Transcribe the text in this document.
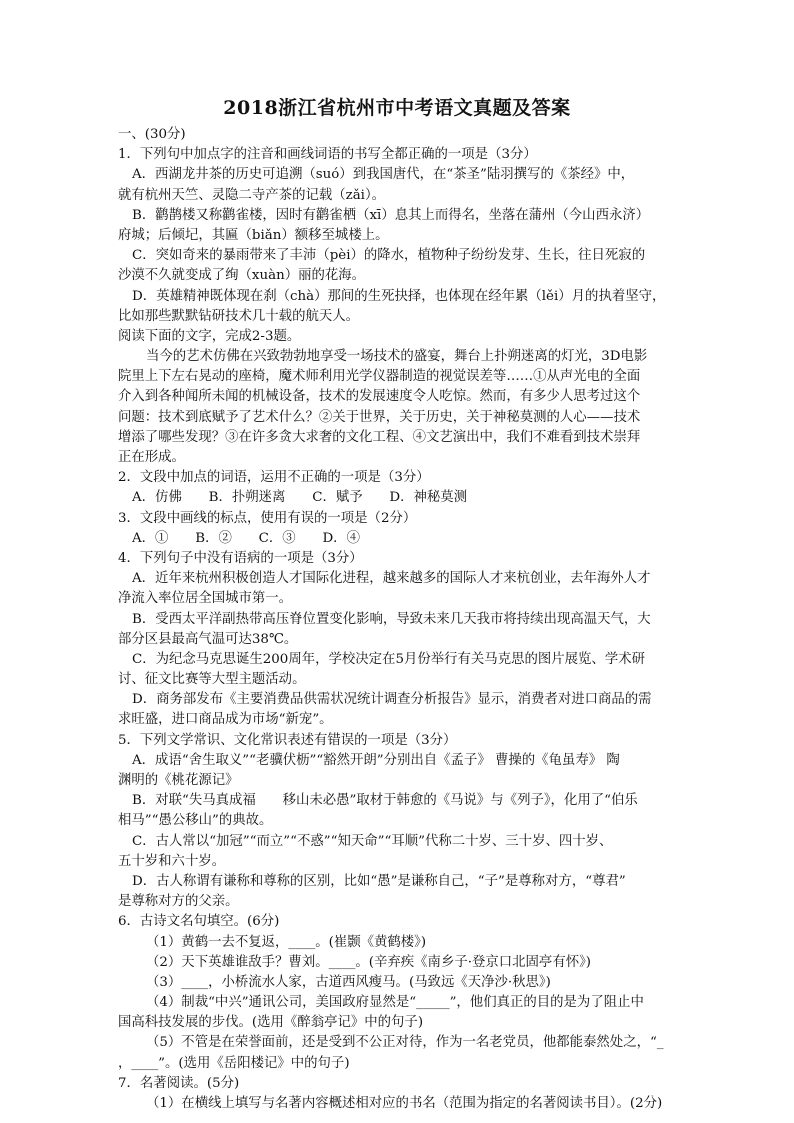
2018浙江省杭州市中考语文真题及答案
一、(30分)
1．下列句中加点字的注音和画线词语的书写全都正确的一项是（3分）
A．西湖龙井茶的历史可追溯（suó）到我国唐代，在“茶圣”陆羽撰写的《茶经》中，
就有杭州天竺、灵隐二寺产茶的记载（zǎi）。
B．鹳鹊楼又称鹳雀楼，因时有鹳雀栖（xī）息其上而得名，坐落在蒲州（今山西永济）
府城；后倾圮，其匾（biǎn）额移至城楼上。
C．突如奇来的暴雨带来了丰沛（pèi）的降水，植物种子纷纷发芽、生长，往日死寂的
沙漠不久就变成了绚（xuàn）丽的花海。
D．英雄精神既体现在刹（chà）那间的生死抉择，也体现在经年累（lěi）月的执着坚守，
比如那些默默钻研技术几十载的航天人。
阅读下面的文字，完成2-3题。
当今的艺术仿佛在兴致勃勃地享受一场技术的盛宴，舞台上扑朔迷离的灯光，3D电影
院里上下左右晃动的座椅，魔术师利用光学仪器制造的视觉误差等……①从声光电的全面
介入到各种闻所未闻的机械设备，技术的发展速度令人吃惊。然而，有多少人思考过这个
问题：技术到底赋予了艺术什么？②关于世界，关于历史，关于神秘莫测的人心——技术
增添了哪些发现？③在许多贪大求奢的文化工程、④文艺演出中，我们不难看到技术崇拜
正在形成。
2．文段中加点的词语，运用不正确的一项是（3分）
A．仿佛　　B．扑朔迷离　　C．赋予　　D．神秘莫测
3．文段中画线的标点，使用有误的一项是（2分）
A．①　　B．②　　C．③　　D．④
4．下列句子中没有语病的一项是（3分）
A．近年来杭州积极创造人才国际化进程，越来越多的国际人才来杭创业，去年海外人才
净流入率位居全国城市第一。
B．受西太平洋副热带高压脊位置变化影响，导致未来几天我市将持续出现高温天气，大
部分区县最高气温可达38℃。
C．为纪念马克思诞生200周年，学校决定在5月份举行有关马克思的图片展览、学术研
讨、征文比赛等大型主题活动。
D．商务部发布《主要消费品供需状况统计调查分析报告》显示，消费者对进口商品的需
求旺盛，进口商品成为市场“新宠”。
5．下列文学常识、文化常识表述有错误的一项是（3分）
A．成语“舍生取义”“老骥伏枥”“豁然开朗”分别出自《孟子》 曹操的《龟虽寿》 陶
渊明的《桃花源记》
B．对联“失马真成福　　移山未必愚”取材于韩愈的《马说》与《列子》，化用了“伯乐
相马”“愚公移山”的典故。
C．古人常以“加冠”“而立”“不惑”“知天命”“耳顺”代称二十岁、三十岁、四十岁、
五十岁和六十岁。
D．古人称谓有谦称和尊称的区别，比如“愚”是谦称自己，“子”是尊称对方，“尊君”
是尊称对方的父亲。
6．古诗文名句填空。(6分)
（1）黄鹤一去不复返，____。(崔颢《黄鹤楼》)
（2）天下英雄谁敌手？曹刘。____。(辛弃疾《南乡子·登京口北固亭有怀》)
（3）____，小桥流水人家，古道西风瘦马。(马致远《天净沙·秋思》)
（4）制裁“中兴”通讯公司，美国政府显然是“_____”，他们真正的目的是为了阻止中
国高科技发展的步伐。(选用《醉翁亭记》中的句子)
（5）不管是在荣誉面前，还是受到不公正对待，作为一名老党员，他都能泰然处之，“_
，____”。(选用《岳阳楼记》中的句子)
7．名著阅读。(5分)
（1）在横线上填写与名著内容概述相对应的书名（范围为指定的名著阅读书目）。(2分)
